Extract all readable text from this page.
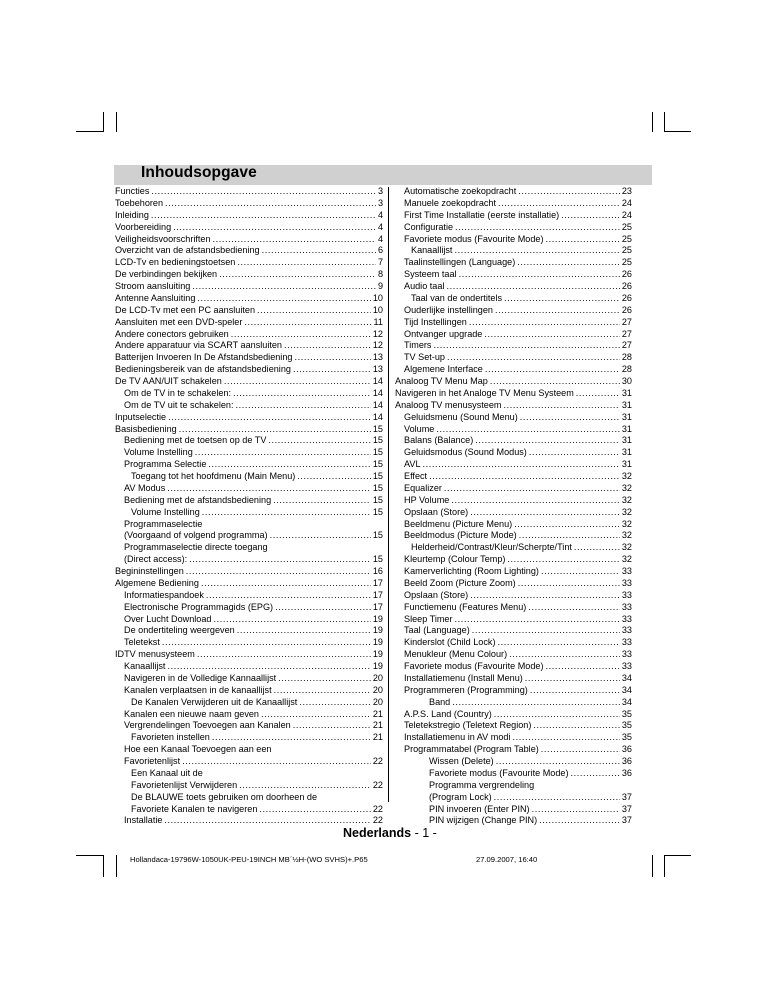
Inhoudsopgave
Functies .....	3
Toebehoren .....	3
Inleiding .....	4
Voorbereiding .....	4
Veiligheidsvoorschriften .....	4
Overzicht van de afstandsbediening .....	6
LCD-Tv en bedieningstoetsen .....	7
De verbindingen bekijken .....	8
Stroom aansluiting .....	9
Antenne Aansluiting .....	10
De LCD-Tv met een PC aansluiten .....	10
Aansluiten met een DVD-speler .....	11
Andere conectors gebruiken .....	12
Andere apparatuur via SCART aansluiten .....	12
Batterijen Invoeren In De Afstandsbediening .....	13
Bedieningsbereik van de afstandsbediening .....	13
De TV AAN/UIT schakelen .....	14
Om de TV in te schakelen: .....	14
Om de TV uit te schakelen: .....	14
Inputselectie .....	14
Basisbediening .....	15
Bediening met de toetsen op de TV .....	15
Volume Instelling .....	15
Programma Selectie .....	15
Toegang tot het hoofdmenu (Main Menu) .....	15
AV Modus .....	15
Bediening met de afstandsbediening .....	15
Volume Instelling .....	15
Programmaselectie
(Voorgaand of volgend programma) .....	15
Programmaselectie directe toegang
(Direct access): .....	15
Begininstellingen .....	16
Algemene Bediening .....	17
Informatiespandoek .....	17
Electronische Programmagids (EPG) .....	17
Over Lucht Download .....	19
De ondertiteling weergeven .....	19
Teletekst .....	19
IDTV menusysteem .....	19
Kanaallijst .....	19
Navigeren in de Volledige Kannaallijst .....	20
Kanalen verplaatsen in de kanaallijst .....	20
De Kanalen Verwijderen uit de Kanaallijst .....	20
Kanalen een nieuwe naam geven .....	21
Vergrendelingen Toevoegen aan Kanalen .....	21
Favorieten instellen .....	21
Hoe een Kanaal Toevoegen aan een
Favorietenlijst .....	22
Een Kanaal uit de
Favorietenlijst Verwijderen .....	22
De BLAUWE toets gebruiken om doorheen de
Favoriete Kanalen te navigeren .....	22
Installatie .....	22
Automatische zoekopdracht .....	23
Manuele zoekopdracht .....	24
First Time Installatie (eerste installatie) .....	24
Configuratie .....	25
Favoriete modus (Favourite Mode) .....	25
Kanaallijst .....	25
Taalinstellingen (Language) .....	25
Systeem taal .....	26
Audio taal .....	26
Taal van de ondertitels .....	26
Ouderlijke instellingen .....	26
Tijd Instellingen .....	27
Ontvanger upgrade .....	27
Timers .....	27
TV Set-up .....	28
Algemene Interface .....	28
Analoog TV Menu Map .....	30
Navigeren in het Analoge TV Menu Systeem .....	31
Analoog TV menusysteem .....	31
Geluidsmenu (Sound Menu) .....	31
Volume .....	31
Balans (Balance) .....	31
Geluidsmodus (Sound Modus) .....	31
AVL .....	31
Effect .....	32
Equalizer .....	32
HP Volume .....	32
Opslaan (Store) .....	32
Beeldmenu (Picture Menu) .....	32
Beeldmodus (Picture Mode) .....	32
Helderheid/Contrast/Kleur/Scherpte/Tint .....	32
Kleurtemp (Colour Temp) .....	32
Kamerverlichting (Room Lighting) .....	33
Beeld Zoom (Picture Zoom) .....	33
Opslaan (Store) .....	33
Functiemenu (Features Menu) .....	33
Sleep Timer .....	33
Taal (Language) .....	33
Kinderslot (Child Lock) .....	33
Menukleur (Menu Colour) .....	33
Favoriete modus (Favourite Mode) .....	33
Installatiemenu (Install Menu) .....	34
Programmeren (Programming) .....	34
Band .....	34
A.P.S. Land (Country) .....	35
Teletekstregio (Teletext Region) .....	35
Installatiemenu in AV modi .....	35
Programmatabel (Program Table) .....	36
Wissen (Delete) .....	36
Favoriete modus (Favourite Mode) .....	36
Programma vergrendeling
(Program Lock) .....	37
PIN invoeren (Enter PIN) .....	37
PIN wijzigen (Change PIN) .....	37
Nederlands - 1 -
Hollandaca-19796W-1050UK-PEU-19INCH MB´½H-(WO SVHS)+.P65	27.09.2007, 16:40
